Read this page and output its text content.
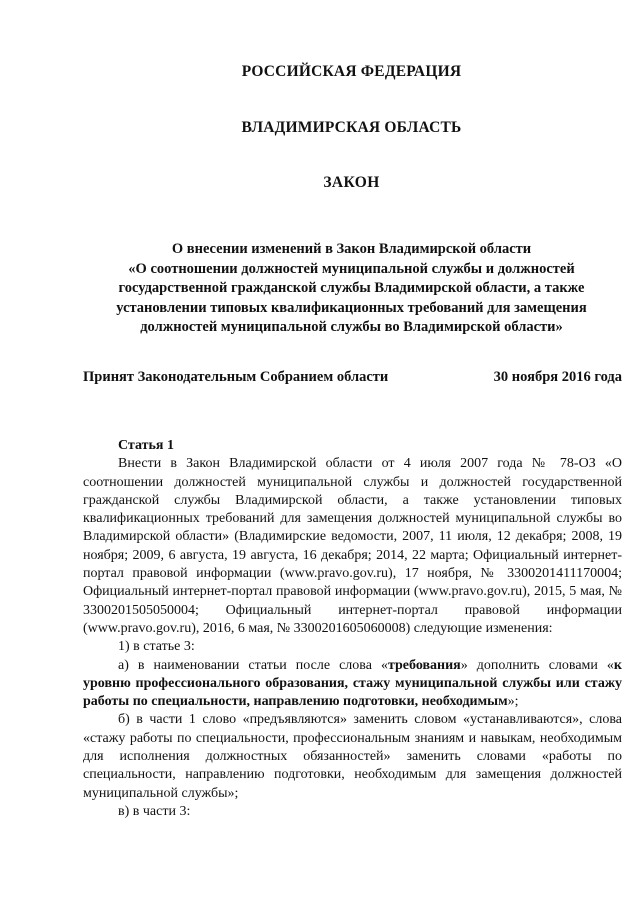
РОССИЙСКАЯ ФЕДЕРАЦИЯ
ВЛАДИМИРСКАЯ ОБЛАСТЬ
ЗАКОН
О внесении изменений в Закон Владимирской области
«О соотношении должностей муниципальной службы и должностей
государственной гражданской службы Владимирской области, а также
установлении типовых квалификационных требований для замещения
должностей муниципальной службы во Владимирской области»
Принят Законодательным Собранием области	30 ноября 2016 года

Статья 1

Внести в Закон Владимирской области от 4 июля 2007 года № 78-ОЗ «О соотношении должностей муниципальной службы и должностей государственной гражданской службы Владимирской области, а также установлении типовых квалификационных требований для замещения должностей муниципальной службы во Владимирской области» (Владимирские ведомости, 2007, 11 июля, 12 декабря; 2008, 19 ноября; 2009, 6 августа, 19 августа, 16 декабря; 2014, 22 марта; Официальный интернет-портал правовой информации (www.pravo.gov.ru), 17 ноября, № 3300201411170004; Официальный интернет-портал правовой информации (www.pravo.gov.ru), 2015, 5 мая, № 3300201505050004; Официальный интернет-портал правовой информации (www.pravo.gov.ru), 2016, 6 мая, № 3300201605060008) следующие изменения:

1) в статье 3:

а) в наименовании статьи после слова «требования» дополнить словами «к уровню профессионального образования, стажу муниципальной службы или стажу работы по специальности, направлению подготовки, необходимым»;

б) в части 1 слово «предъявляются» заменить словом «устанавливаются», слова «стажу работы по специальности, профессиональным знаниям и навыкам, необходимым для исполнения должностных обязанностей» заменить словами «работы по специальности, направлению подготовки, необходимым для замещения должностей муниципальной службы»;

в) в части 3:
